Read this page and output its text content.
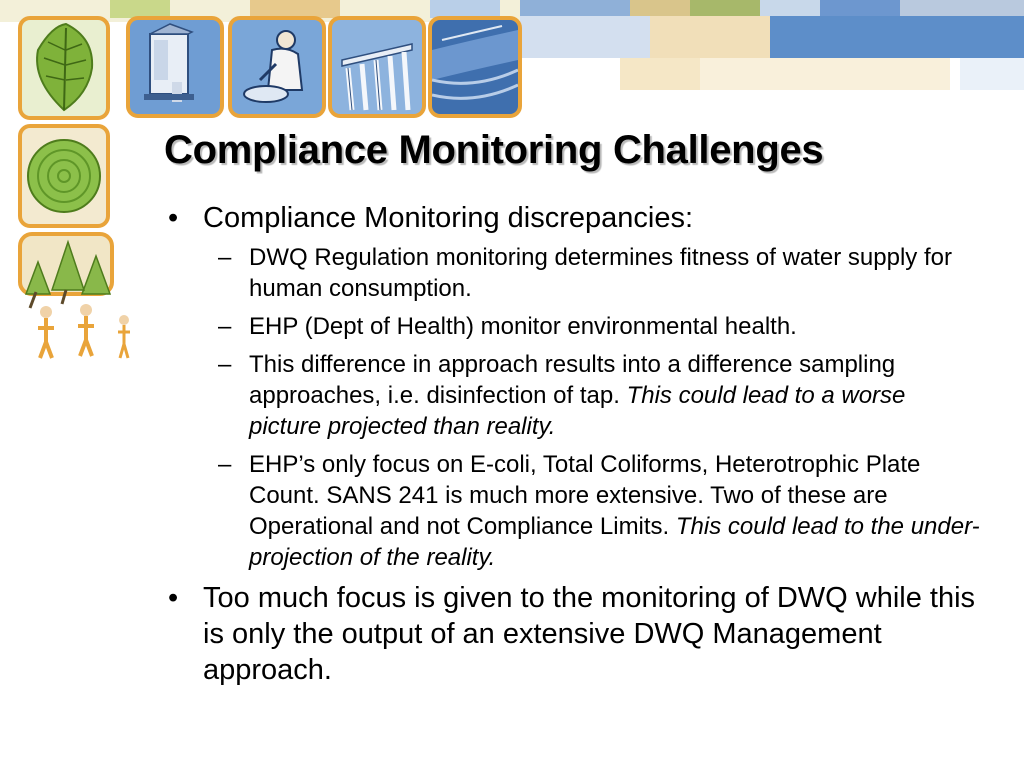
Compliance Monitoring Challenges
• Compliance Monitoring discrepancies:
– DWQ Regulation monitoring determines fitness of water supply for human consumption.
– EHP (Dept of Health) monitor environmental health.
– This difference in approach results into a difference sampling approaches, i.e. disinfection of tap. This could lead to a worse picture projected than reality.
– EHP’s only focus on E-coli, Total Coliforms, Heterotrophic Plate Count. SANS 241 is much more extensive. Two of these are Operational and not Compliance Limits. This could lead to the under-projection of the reality.
• Too much focus is given to the monitoring of DWQ while this is only the output of an extensive DWQ Management approach.
